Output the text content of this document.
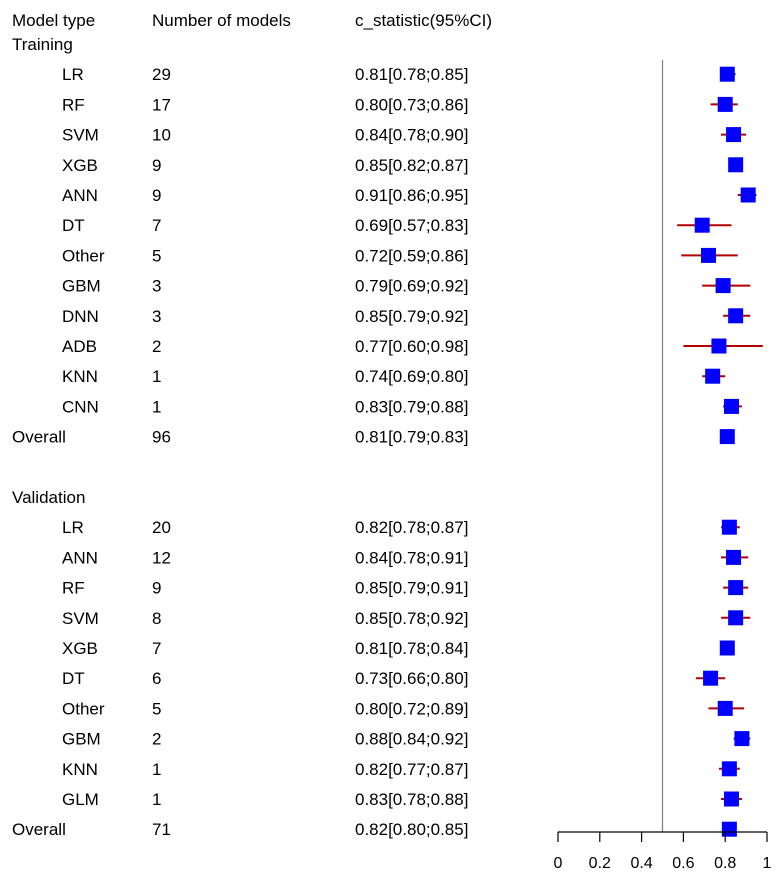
Model type	Number of models	c_statistic(95%CI)
Training
LR	29	0.81[0.78;0.85]
RF	17	0.80[0.73;0.86]
SVM	10	0.84[0.78;0.90]
XGB	9	0.85[0.82;0.87]
ANN	9	0.91[0.86;0.95]
DT	7	0.69[0.57;0.83]
Other	5	0.72[0.59;0.86]
GBM	3	0.79[0.69;0.92]
DNN	3	0.85[0.79;0.92]
ADB	2	0.77[0.60;0.98]
KNN	1	0.74[0.69;0.80]
CNN	1	0.83[0.79;0.88]
Overall	96	0.81[0.79;0.83]
Validation
LR	20	0.82[0.78;0.87]
ANN	12	0.84[0.78;0.91]
RF	9	0.85[0.79;0.91]
SVM	8	0.85[0.78;0.92]
XGB	7	0.81[0.78;0.84]
DT	6	0.73[0.66;0.80]
Other	5	0.80[0.72;0.89]
GBM	2	0.88[0.84;0.92]
KNN	1	0.82[0.77;0.87]
GLM	1	0.83[0.78;0.88]
Overall	71	0.82[0.80;0.85]
0 0.2 0.4 0.6 0.8 1
